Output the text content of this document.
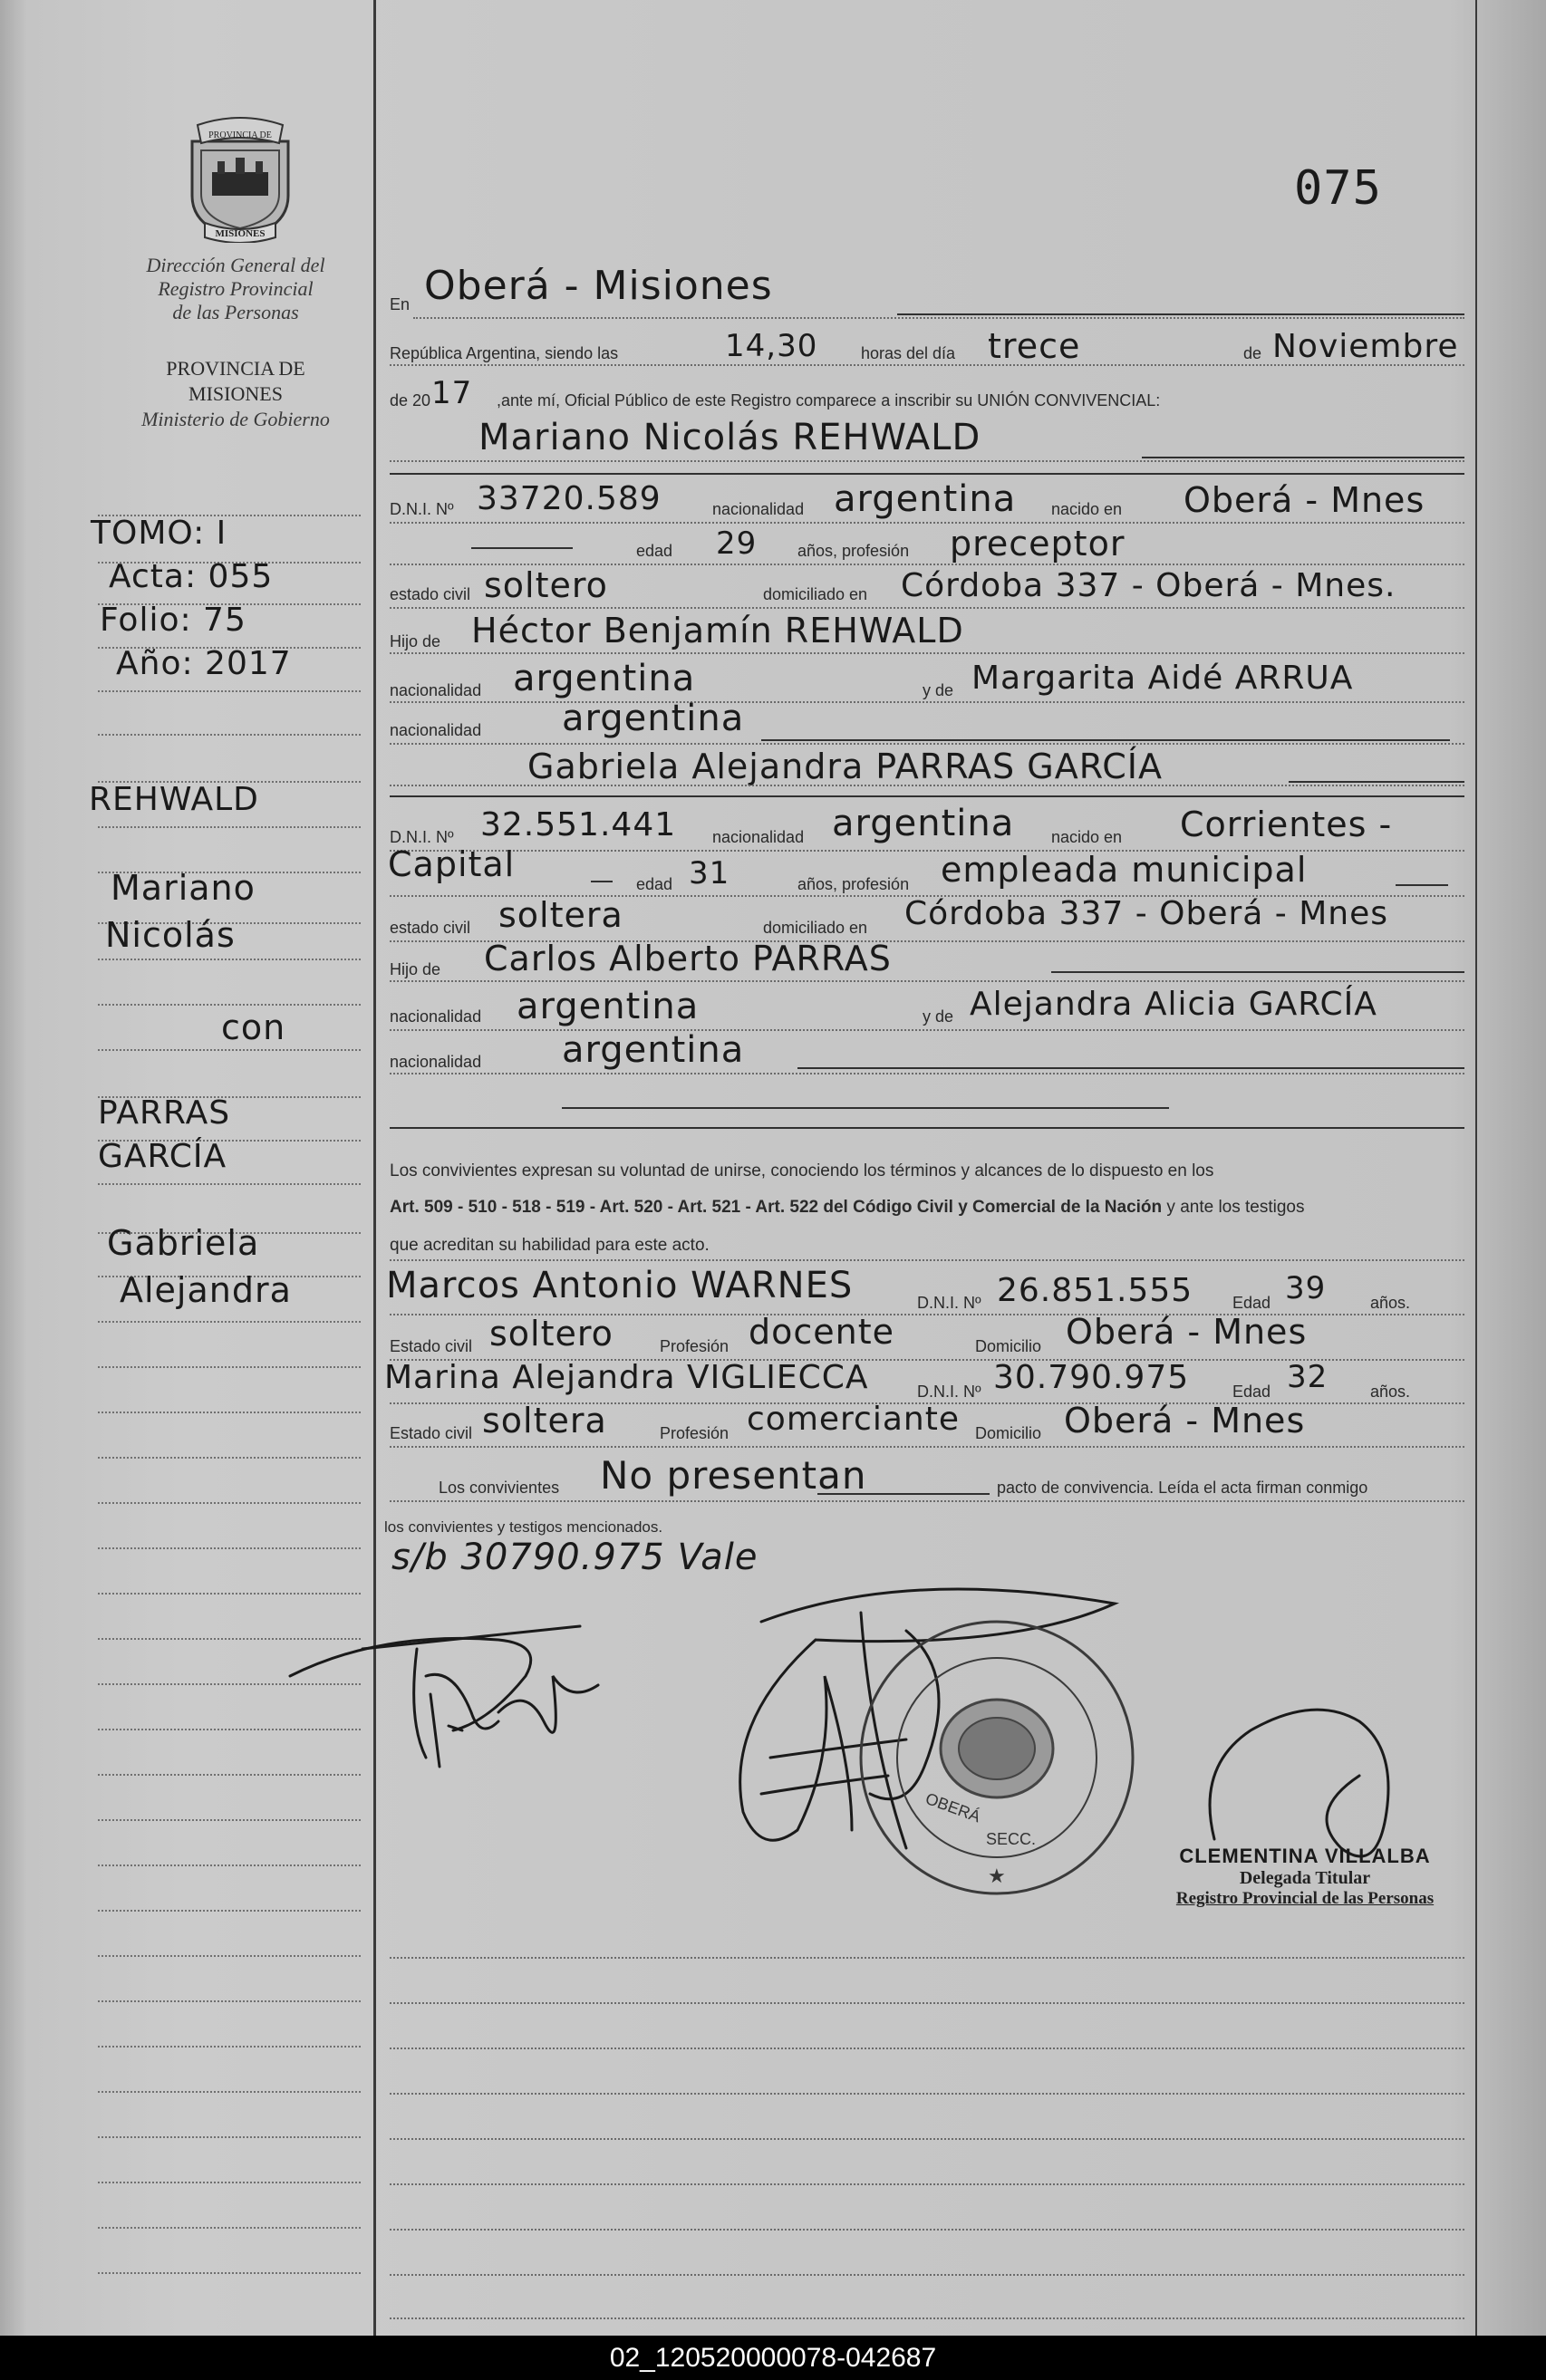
075
PROVINCIA DE
MISIONES
Dirección General del
Registro Provincial
de las Personas
PROVINCIA DE
MISIONES
Ministerio de Gobierno
TOMO: I
Acta: 055
Folio: 75
Año: 2017
REHWALD
Mariano
Nicolás
con
PARRAS
GARCÍA
Gabriela
Alejandra
En Oberá - Misiones
República Argentina, siendo las	14,30	horas del día trece	de Noviembre
de 20 17 ,ante mí, Oficial Público de este Registro comparece a inscribir su UNIÓN CONVIVENCIAL:
Mariano Nicolás REHWALD
D.N.I. Nº 33720.589	nacionalidad argentina nacido en Oberá - Mnes
edad 29 años, profesión preceptor
estado civil soltero	domiciliado en Córdoba 337 - Oberá - Mnes.
Hijo de Héctor Benjamín REHWALD
nacionalidad argentina	y de Margarita Aidé ARRUA
nacionalidad argentina
Gabriela Alejandra PARRAS GARCÍA
D.N.I. Nº 32.551.441 nacionalidad argentina nacido en Corrientes -
Capital	edad 31	años, profesión empleada municipal
estado civil soltera	domiciliado en Córdoba 337 - Oberá - Mnes
Hijo de Carlos Alberto PARRAS
nacionalidad argentina	y de Alejandra Alicia GARCÍA
nacionalidad argentina
Los convivientes expresan su voluntad de unirse, conociendo los términos y alcances de lo dispuesto en los
Art. 509 - 510 - 518 - 519 - Art. 520 - Art. 521 - Art. 522 del Código Civil y Comercial de la Nación y ante los testigos
que acreditan su habilidad para este acto.
Marcos Antonio WARNES	D.N.I. Nº 26.851.555 Edad 39	años.
Estado civil soltero	Profesión docente	Domicilio Oberá - Mnes
Marina Alejandra VIGLIECCA	D.N.I. Nº 30.790.975	Edad 32	años.
Estado civil soltera	Profesión comerciante Domicilio Oberá - Mnes
Los convivientes No presentan	pacto de convivencia. Leída el acta firman conmigo
los convivientes y testigos mencionados.
s/b 30790.975 Vale
OBERÁ
SECC.
★
CLEMENTINA VILLALBA
Delegada Titular
Registro Provincial de las Personas
02_120520000078-042687
